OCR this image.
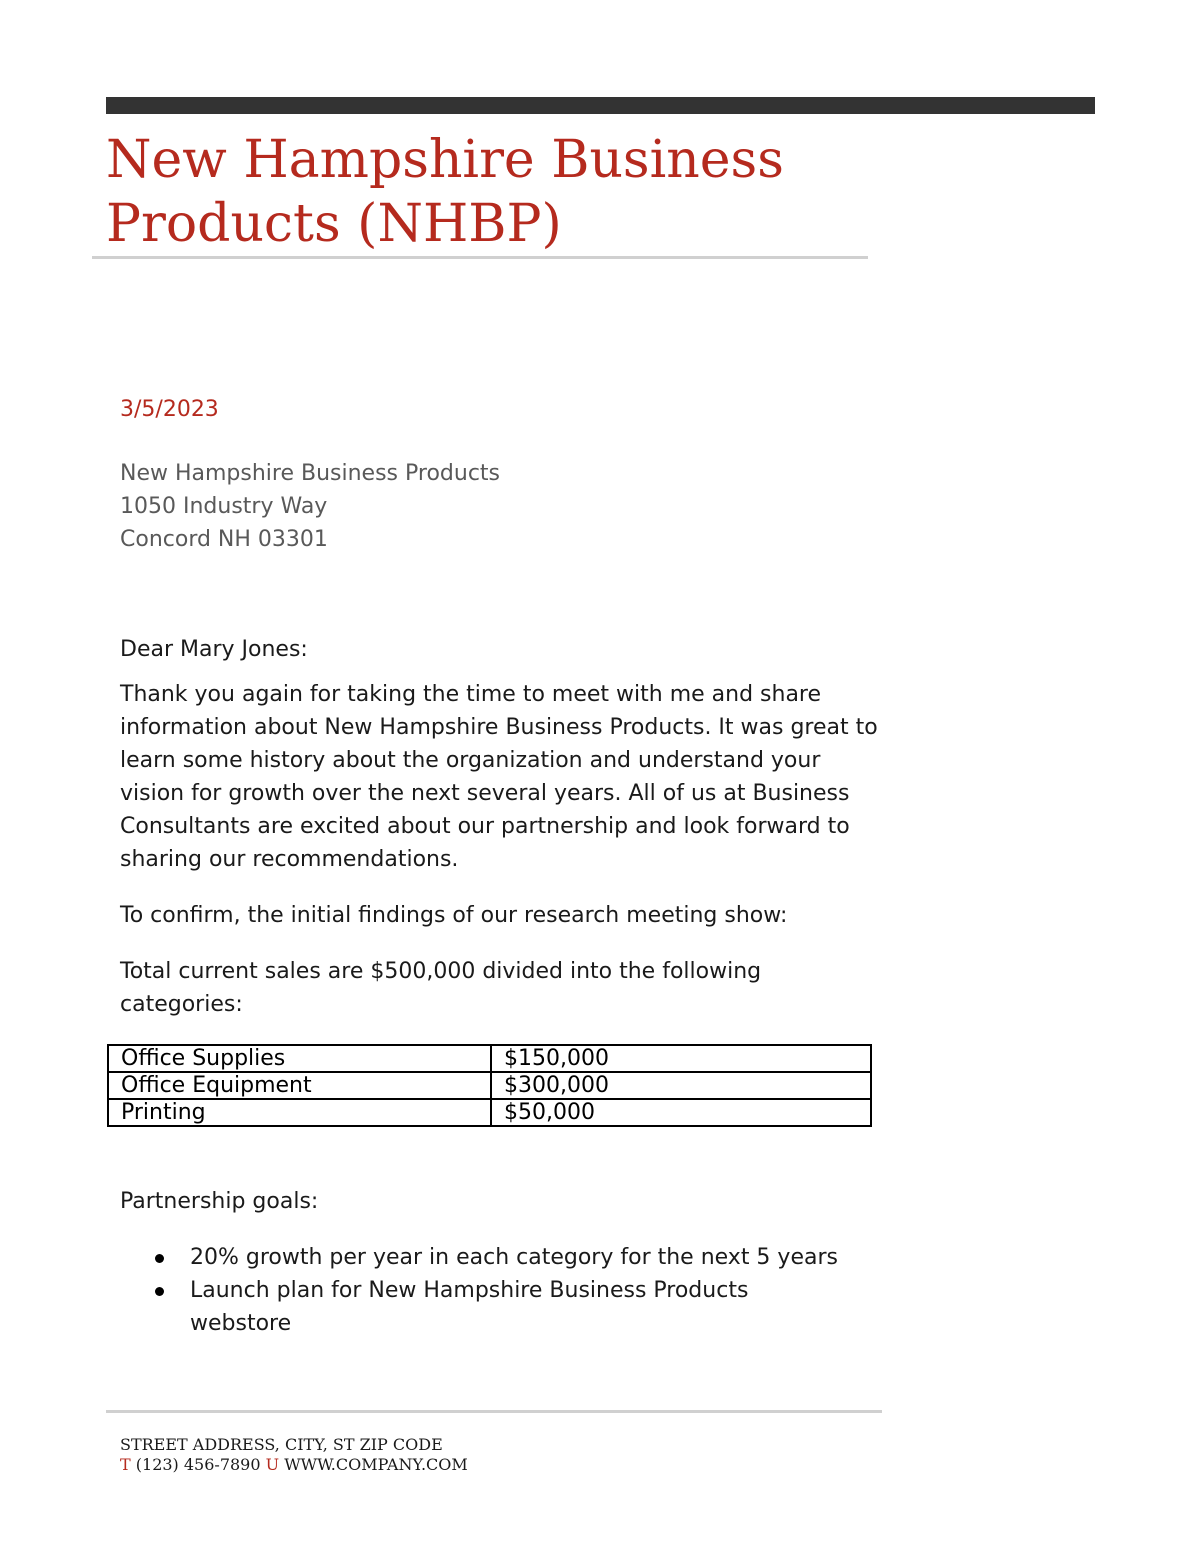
New Hampshire Business Products (NHBP)
3/5/2023
New Hampshire Business Products
1050 Industry Way
Concord NH 03301

Dear Mary Jones:

Thank you again for taking the time to meet with me and share information about New Hampshire Business Products. It was great to learn some history about the organization and understand your vision for growth over the next several years. All of us at Business Consultants are excited about our partnership and look forward to sharing our recommendations.

To confirm, the initial findings of our research meeting show:

Total current sales are $500,000 divided into the following categories:

Office Supplies	$150,000
Office Equipment	$300,000
Printing	$50,000

Partnership goals:

20% growth per year in each category for the next 5 years
Launch plan for New Hampshire Business Products webstore
STREET ADDRESS, CITY, ST ZIP CODE
T (123) 456-7890 U WWW.COMPANY.COM
